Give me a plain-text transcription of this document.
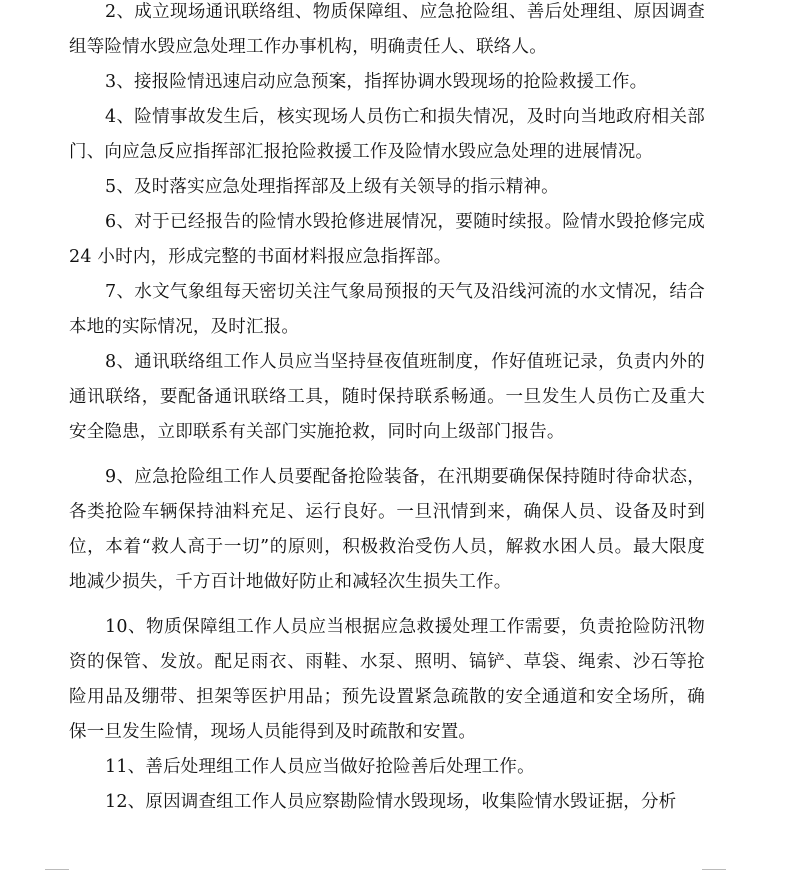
2、成立现场通讯联络组、物质保障组、应急抢险组、善后处理组、原因调查组等险情水毁应急处理工作办事机构，明确责任人、联络人。

3、接报险情迅速启动应急预案，指挥协调水毁现场的抢险救援工作。

4、险情事故发生后，核实现场人员伤亡和损失情况，及时向当地政府相关部门、向应急反应指挥部汇报抢险救援工作及险情水毁应急处理的进展情况。

5、及时落实应急处理指挥部及上级有关领导的指示精神。

6、对于已经报告的险情水毁抢修进展情况，要随时续报。险情水毁抢修完成 24 小时内，形成完整的书面材料报应急指挥部。

7、水文气象组每天密切关注气象局预报的天气及沿线河流的水文情况，结合本地的实际情况，及时汇报。

8、通讯联络组工作人员应当坚持昼夜值班制度，作好值班记录，负责内外的通讯联络，要配备通讯联络工具，随时保持联系畅通。一旦发生人员伤亡及重大安全隐患，立即联系有关部门实施抢救，同时向上级部门报告。

9、应急抢险组工作人员要配备抢险装备，在汛期要确保保持随时待命状态，各类抢险车辆保持油料充足、运行良好。一旦汛情到来，确保人员、设备及时到位，本着“救人高于一切”的原则，积极救治受伤人员，解救水困人员。最大限度地减少损失，千方百计地做好防止和减轻次生损失工作。

10、物质保障组工作人员应当根据应急救援处理工作需要，负责抢险防汛物资的保管、发放。配足雨衣、雨鞋、水泵、照明、镐铲、草袋、绳索、沙石等抢险用品及绷带、担架等医护用品；预先设置紧急疏散的安全通道和安全场所，确保一旦发生险情，现场人员能得到及时疏散和安置。

11、善后处理组工作人员应当做好抢险善后处理工作。

12、原因调查组工作人员应察勘险情水毁现场，收集险情水毁证据，分析
